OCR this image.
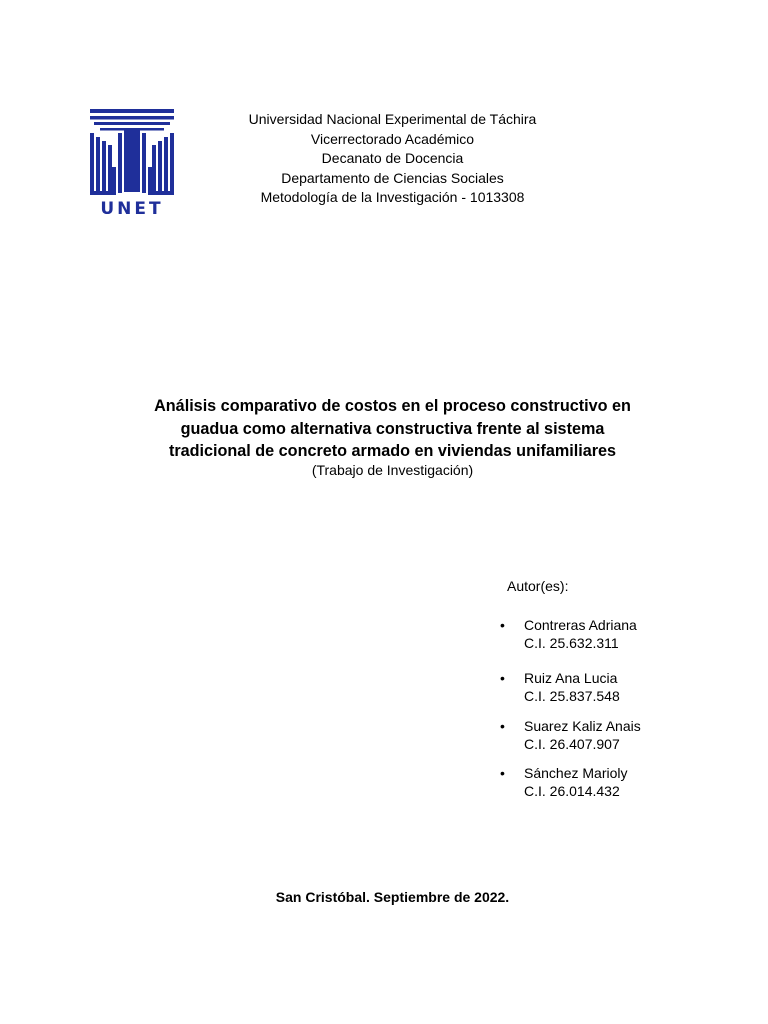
UNET
Universidad Nacional Experimental de Táchira
Vicerrectorado Académico
Decanato de Docencia
Departamento de Ciencias Sociales
Metodología de la Investigación - 1013308
Análisis comparativo de costos en el proceso constructivo en
guadua como alternativa constructiva frente al sistema
tradicional de concreto armado en viviendas unifamiliares
(Trabajo de Investigación)
Autor(es):
• Contreras Adriana
C.I. 25.632.311
• Ruiz Ana Lucia
C.I. 25.837.548
• Suarez Kaliz Anais
C.I. 26.407.907
• Sánchez Marioly
C.I. 26.014.432
San Cristóbal. Septiembre de 2022.
